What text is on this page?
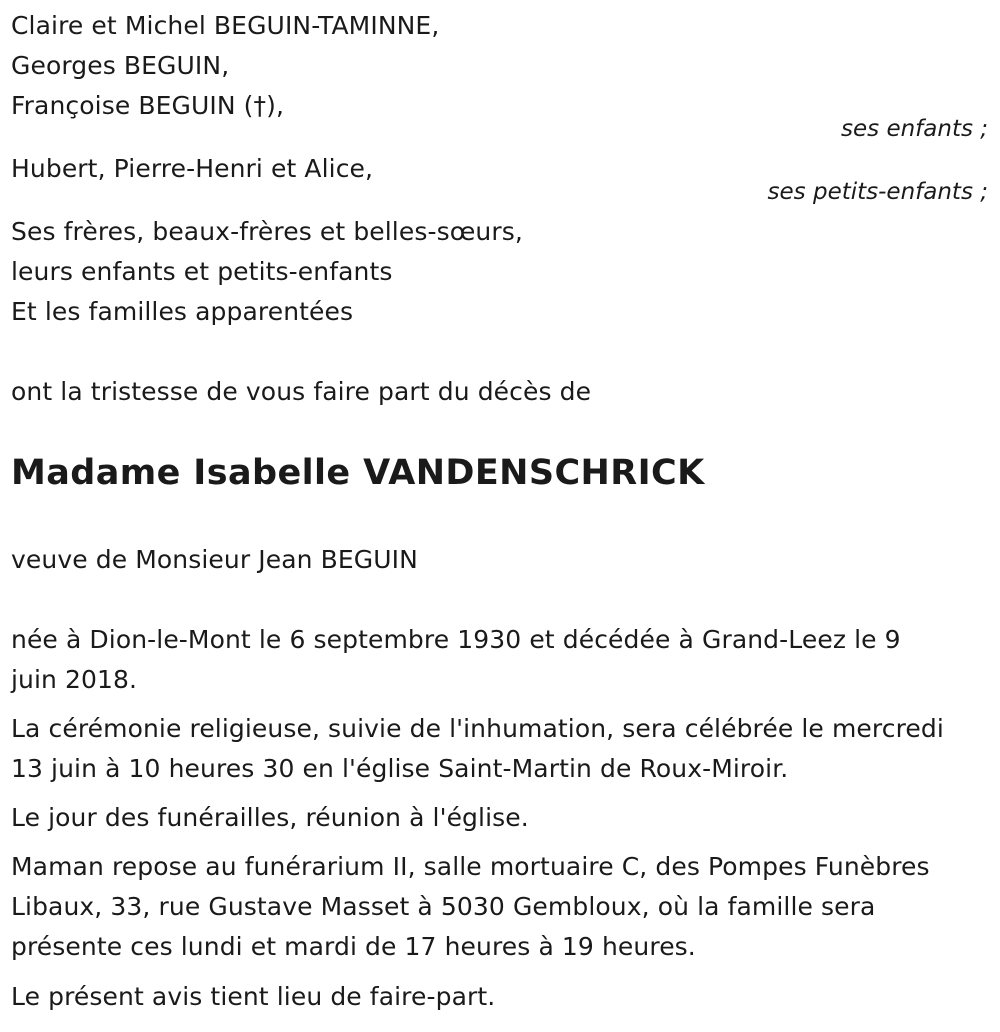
Claire et Michel BEGUIN-TAMINNE,
Georges BEGUIN,
Françoise BEGUIN (†),
ses enfants ;
Hubert, Pierre-Henri et Alice,
ses petits-enfants ;
Ses frères, beaux-frères et belles-sœurs,
leurs enfants et petits-enfants
Et les familles apparentées
ont la tristesse de vous faire part du décès de
Madame Isabelle VANDENSCHRICK
veuve de Monsieur Jean BEGUIN
née à Dion-le-Mont le 6 septembre 1930 et décédée à Grand-Leez le 9
juin 2018.
La cérémonie religieuse, suivie de l'inhumation, sera célébrée le mercredi
13 juin à 10 heures 30 en l'église Saint-Martin de Roux-Miroir.
Le jour des funérailles, réunion à l'église.
Maman repose au funérarium II, salle mortuaire C, des Pompes Funèbres
Libaux, 33, rue Gustave Masset à 5030 Gembloux, où la famille sera
présente ces lundi et mardi de 17 heures à 19 heures.
Le présent avis tient lieu de faire-part.
